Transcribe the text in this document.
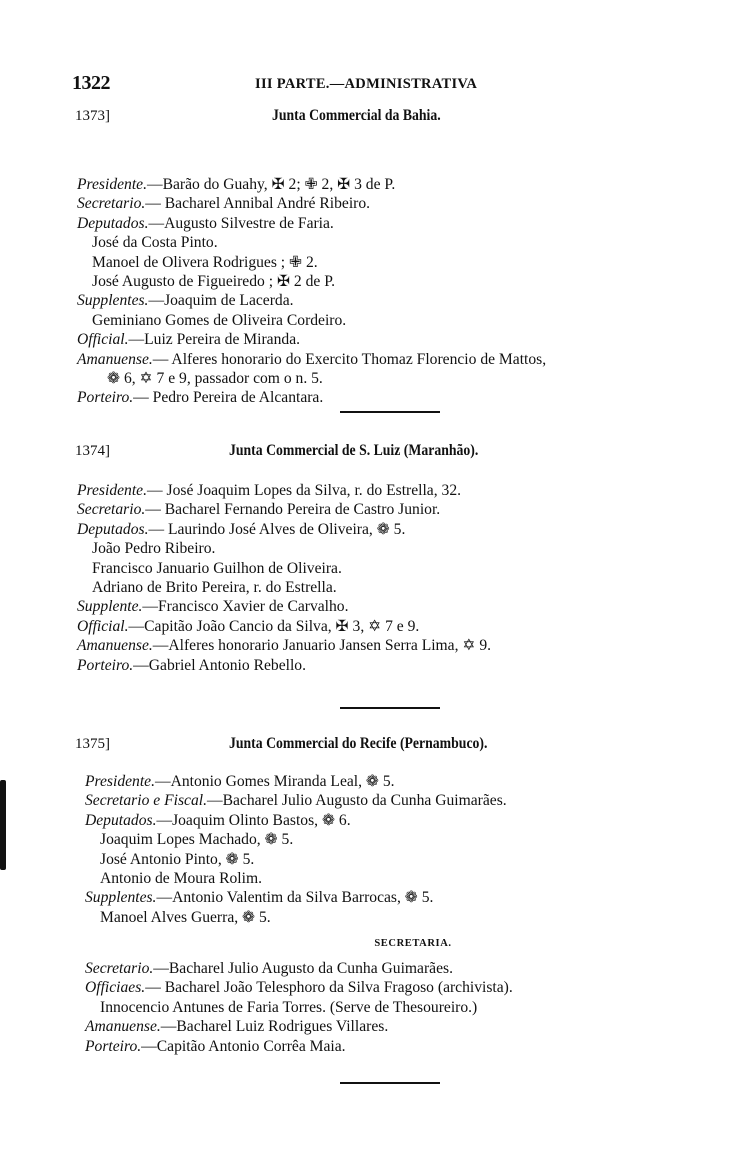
1322	III PARTE.—ADMINISTRATIVA
1373]	Junta Commercial da Bahia.
Presidente.—Barão do Guahy, ✠ 2; ✙ 2, ✠ 3 de P.
Secretario.— Bacharel Annibal André Ribeiro.
Deputados.—Augusto Silvestre de Faria.
José da Costa Pinto.
Manoel de Olivera Rodrigues ; ✙ 2.
José Augusto de Figueiredo ; ✠ 2 de P.
Supplentes.—Joaquim de Lacerda.
Geminiano Gomes de Oliveira Cordeiro.
Official.—Luiz Pereira de Miranda.
Amanuense.— Alferes honorario do Exercito Thomaz Florencio de Mattos,
❁ 6, ✡ 7 e 9, passador com o n. 5.
Porteiro.— Pedro Pereira de Alcantara.
1374]	Junta Commercial de S. Luiz (Maranhão).
Presidente.— José Joaquim Lopes da Silva, r. do Estrella, 32.
Secretario.— Bacharel Fernando Pereira de Castro Junior.
Deputados.— Laurindo José Alves de Oliveira, ❁ 5.
João Pedro Ribeiro.
Francisco Januario Guilhon de Oliveira.
Adriano de Brito Pereira, r. do Estrella.
Supplente.—Francisco Xavier de Carvalho.
Official.—Capitão João Cancio da Silva, ✠ 3, ✡ 7 e 9.
Amanuense.—Alferes honorario Januario Jansen Serra Lima, ✡ 9.
Porteiro.—Gabriel Antonio Rebello.
1375]	Junta Commercial do Recife (Pernambuco).
Presidente.—Antonio Gomes Miranda Leal, ❁ 5.
Secretario e Fiscal.—Bacharel Julio Augusto da Cunha Guimarães.
Deputados.—Joaquim Olinto Bastos, ❁ 6.
Joaquim Lopes Machado, ❁ 5.
José Antonio Pinto, ❁ 5.
Antonio de Moura Rolim.
Supplentes.—Antonio Valentim da Silva Barrocas, ❁ 5.
Manoel Alves Guerra, ❁ 5.
SECRETARIA.
Secretario.—Bacharel Julio Augusto da Cunha Guimarães.
Officiaes.— Bacharel João Telesphoro da Silva Fragoso (archivista).
Innocencio Antunes de Faria Torres. (Serve de Thesoureiro.)
Amanuense.—Bacharel Luiz Rodrigues Villares.
Porteiro.—Capitão Antonio Corrêa Maia.
